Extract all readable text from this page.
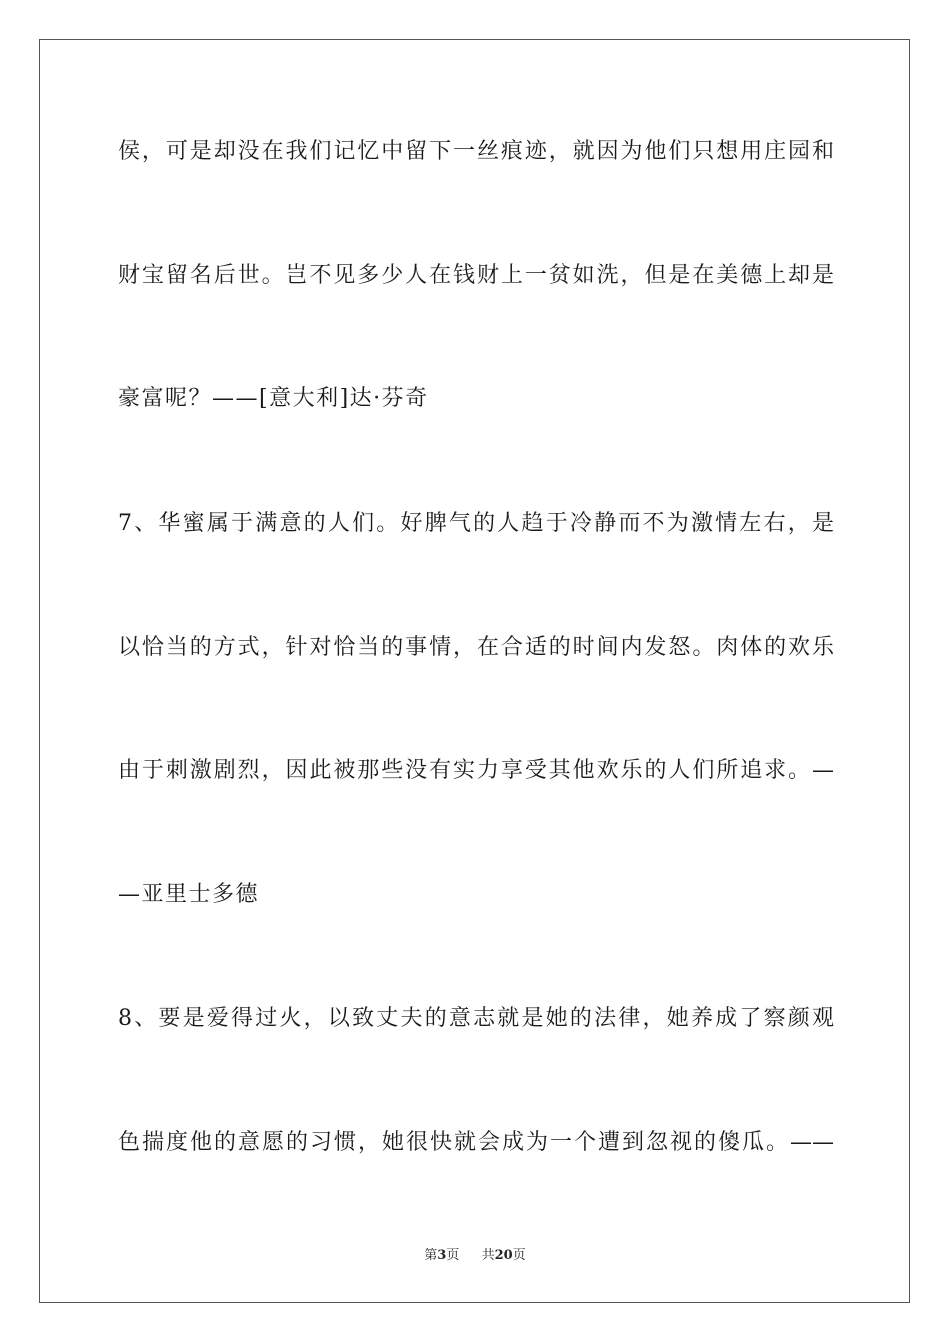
侯，可是却没在我们记忆中留下一丝痕迹，就因为他们只想用庄园和
财宝留名后世。岂不见多少人在钱财上一贫如洗，但是在美德上却是
豪富呢？——[意大利]达·芬奇
7、华蜜属于满意的人们。好脾气的人趋于冷静而不为激情左右，是
以恰当的方式，针对恰当的事情，在合适的时间内发怒。肉体的欢乐
由于刺激剧烈，因此被那些没有实力享受其他欢乐的人们所追求。—
—亚里士多德
8、要是爱得过火，以致丈夫的意志就是她的法律，她养成了察颜观
色揣度他的意愿的习惯，她很快就会成为一个遭到忽视的傻瓜。——
第3页 共20页
